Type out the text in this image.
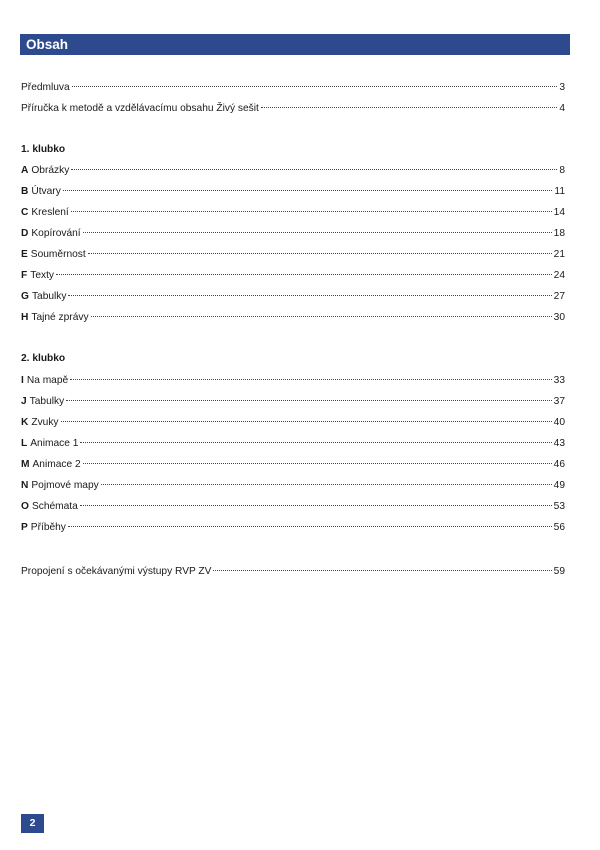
Obsah
Předmluva	3
Příručka k metodě a vzdělávacímu obsahu Živý sešit	4
1. klubko
A Obrázky	8
B Útvary	11
C Kreslení	14
D Kopírování	18
E Souměrnost	21
F Texty	24
G Tabulky	27
H Tajné zprávy	30
2. klubko
I Na mapě	33
J Tabulky	37
K Zvuky	40
L Animace 1	43
M Animace 2	46
N Pojmové mapy	49
O Schémata	53
P Příběhy	56
Propojení s očekávanými výstupy RVP ZV	59
2
